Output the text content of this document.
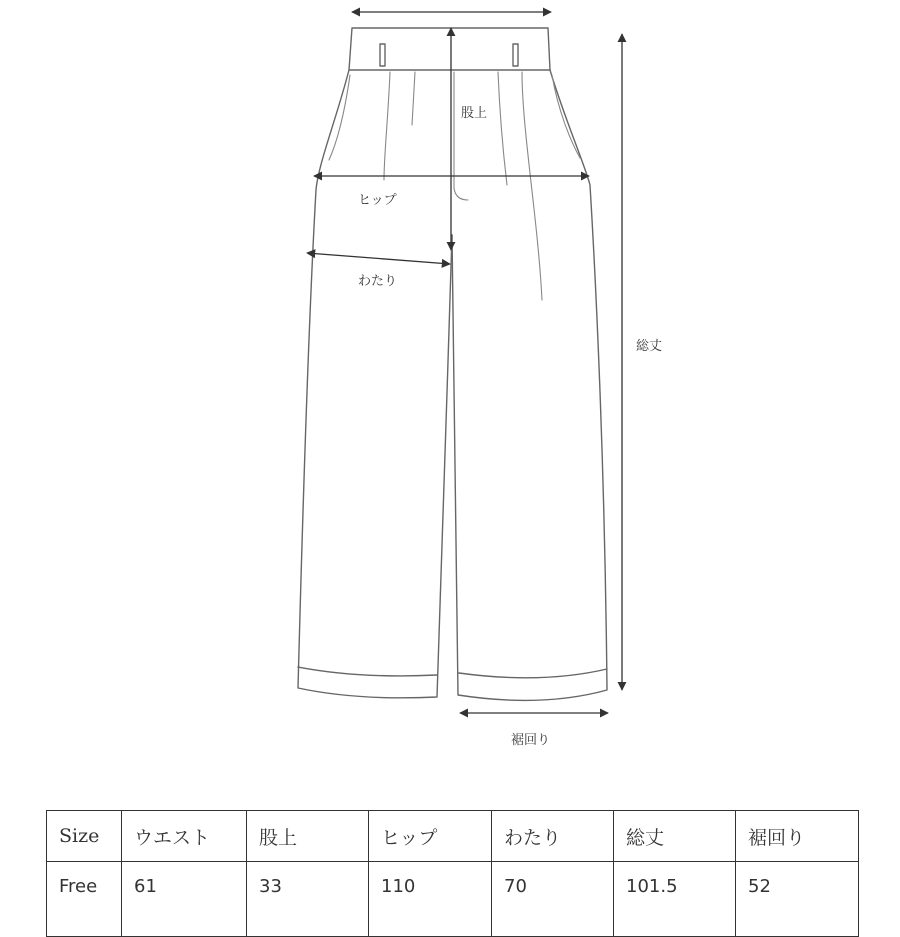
股上
ヒップ
わたり
総丈
裾回り
Size	ウエスト	股上	ヒップ	わたり	総丈	裾回り
Free	61	33	110	70	101.5	52
